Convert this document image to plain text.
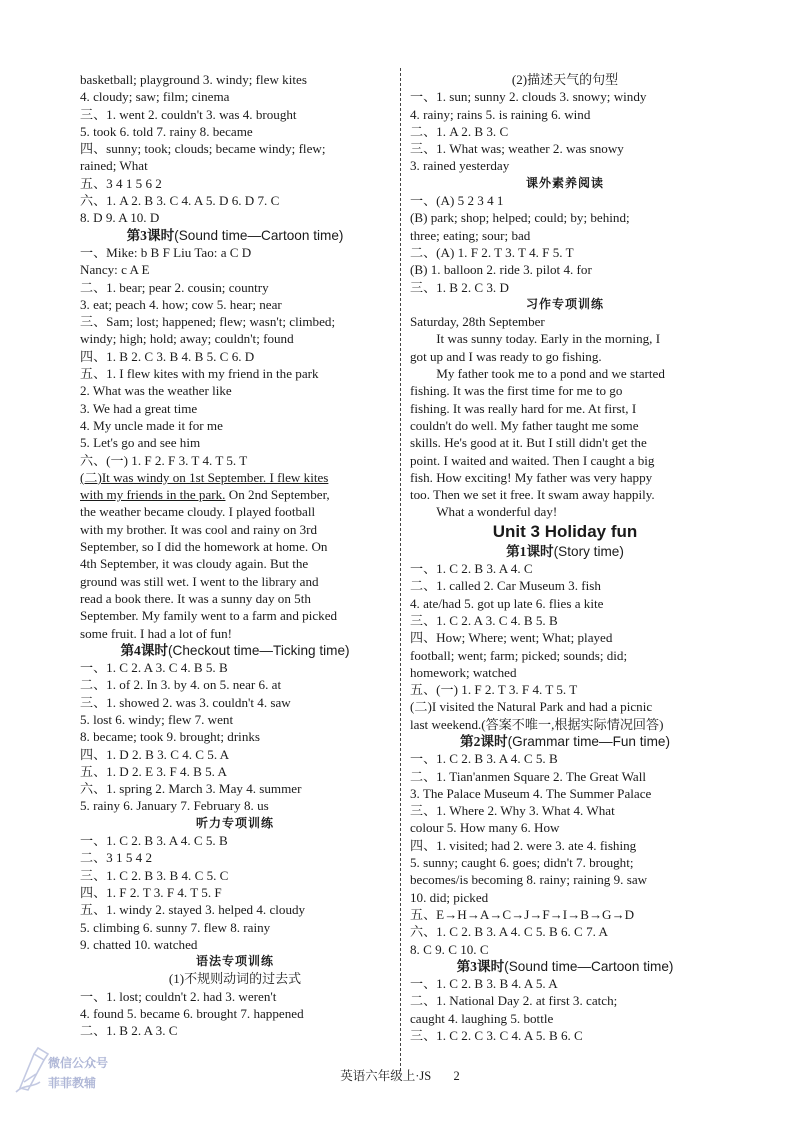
basketball; playground 3. windy; flew kites
4. cloudy; saw; film; cinema
三、1. went 2. couldn't 3. was 4. brought
5. took 6. told 7. rainy 8. became
四、sunny; took; clouds; became windy; flew;
rained; What
五、3 4 1 5 6 2
六、1. A 2. B 3. C 4. A 5. D 6. D 7. C
8. D 9. A 10. D
第3课时(Sound time—Cartoon time)
一、Mike: b B F Liu Tao: a C D
Nancy: c A E
二、1. bear; pear 2. cousin; country
3. eat; peach 4. how; cow 5. hear; near
三、Sam; lost; happened; flew; wasn't; climbed;
windy; high; hold; away; couldn't; found
四、1. B 2. C 3. B 4. B 5. C 6. D
五、1. I flew kites with my friend in the park
2. What was the weather like
3. We had a great time
4. My uncle made it for me
5. Let's go and see him
六、(一) 1. F 2. F 3. T 4. T 5. T
(二)It was windy on 1st September. I flew kites
with my friends in the park. On 2nd September,
the weather became cloudy. I played football
with my brother. It was cool and rainy on 3rd
September, so I did the homework at home. On
4th September, it was cloudy again. But the
ground was still wet. I went to the library and
read a book there. It was a sunny day on 5th
September. My family went to a farm and picked
some fruit. I had a lot of fun!
第4课时(Checkout time—Ticking time)
一、1. C 2. A 3. C 4. B 5. B
二、1. of 2. In 3. by 4. on 5. near 6. at
三、1. showed 2. was 3. couldn't 4. saw
5. lost 6. windy; flew 7. went
8. became; took 9. brought; drinks
四、1. D 2. B 3. C 4. C 5. A
五、1. D 2. E 3. F 4. B 5. A
六、1. spring 2. March 3. May 4. summer
5. rainy 6. January 7. February 8. us
听力专项训练
一、1. C 2. B 3. A 4. C 5. B
二、3 1 5 4 2
三、1. C 2. B 3. B 4. C 5. C
四、1. F 2. T 3. F 4. T 5. F
五、1. windy 2. stayed 3. helped 4. cloudy
5. climbing 6. sunny 7. flew 8. rainy
9. chatted 10. watched
语法专项训练
(1)不规则动词的过去式
一、1. lost; couldn't 2. had 3. weren't
4. found 5. became 6. brought 7. happened
二、1. B 2. A 3. C
(2)描述天气的句型
一、1. sun; sunny 2. clouds 3. snowy; windy
4. rainy; rains 5. is raining 6. wind
二、1. A 2. B 3. C
三、1. What was; weather 2. was snowy
3. rained yesterday
课外素养阅读
一、(A) 5 2 3 4 1
(B) park; shop; helped; could; by; behind;
three; eating; sour; bad
二、(A) 1. F 2. T 3. T 4. F 5. T
(B) 1. balloon 2. ride 3. pilot 4. for
三、1. B 2. C 3. D
习作专项训练
Saturday, 28th September
It was sunny today. Early in the morning, I
got up and I was ready to go fishing.
My father took me to a pond and we started
fishing. It was the first time for me to go
fishing. It was really hard for me. At first, I
couldn't do well. My father taught me some
skills. He's good at it. But I still didn't get the
point. I waited and waited. Then I caught a big
fish. How exciting! My father was very happy
too. Then we set it free. It swam away happily.
What a wonderful day!
Unit 3 Holiday fun
第1课时(Story time)
一、1. C 2. B 3. A 4. C
二、1. called 2. Car Museum 3. fish
4. ate/had 5. got up late 6. flies a kite
三、1. C 2. A 3. C 4. B 5. B
四、How; Where; went; What; played
football; went; farm; picked; sounds; did;
homework; watched
五、(一) 1. F 2. T 3. F 4. T 5. T
(二)I visited the Natural Park and had a picnic
last weekend.(答案不唯一,根据实际情况回答)
第2课时(Grammar time—Fun time)
一、1. C 2. B 3. A 4. C 5. B
二、1. Tian'anmen Square 2. The Great Wall
3. The Palace Museum 4. The Summer Palace
三、1. Where 2. Why 3. What 4. What
colour 5. How many 6. How
四、1. visited; had 2. were 3. ate 4. fishing
5. sunny; caught 6. goes; didn't 7. brought;
becomes/is becoming 8. rainy; raining 9. saw
10. did; picked
五、E→H→A→C→J→F→I→B→G→D
六、1. C 2. B 3. A 4. C 5. B 6. C 7. A
8. C 9. C 10. C
第3课时(Sound time—Cartoon time)
一、1. C 2. B 3. B 4. A 5. A
二、1. National Day 2. at first 3. catch;
caught 4. laughing 5. bottle
三、1. C 2. C 3. C 4. A 5. B 6. C
英语六年级上·JS 2
微信公众号
菲菲教辅
